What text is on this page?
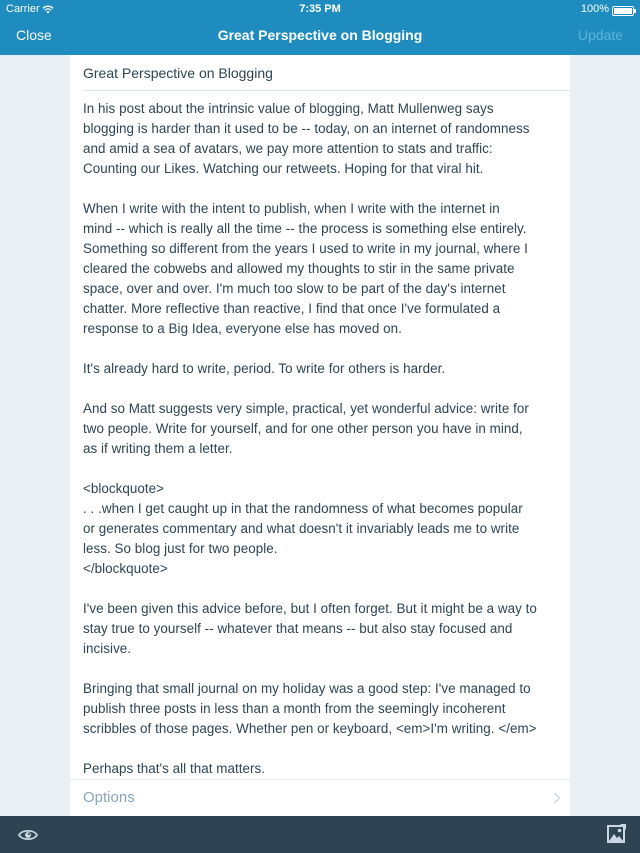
Carrier	7:35 PM	100%
Close	Great Perspective on Blogging	Update
Great Perspective on Blogging
In his post about the intrinsic value of blogging, Matt Mullenweg says
blogging is harder than it used to be -- today, on an internet of randomness
and amid a sea of avatars, we pay more attention to stats and traffic:
Counting our Likes. Watching our retweets. Hoping for that viral hit.

When I write with the intent to publish, when I write with the internet in
mind -- which is really all the time -- the process is something else entirely.
Something so different from the years I used to write in my journal, where I
cleared the cobwebs and allowed my thoughts to stir in the same private
space, over and over. I'm much too slow to be part of the day's internet
chatter. More reflective than reactive, I find that once I've formulated a
response to a Big Idea, everyone else has moved on.

It's already hard to write, period. To write for others is harder.

And so Matt suggests very simple, practical, yet wonderful advice: write for
two people. Write for yourself, and for one other person you have in mind,
as if writing them a letter.

<blockquote>
. . .when I get caught up in that the randomness of what becomes popular
or generates commentary and what doesn't it invariably leads me to write
less. So blog just for two people.
</blockquote>

I've been given this advice before, but I often forget. But it might be a way to
stay true to yourself -- whatever that means -- but also stay focused and
incisive.

Bringing that small journal on my holiday was a good step: I've managed to
publish three posts in less than a month from the seemingly incoherent
scribbles of those pages. Whether pen or keyboard, <em>I'm writing. </em>

Perhaps that's all that matters.
Options
